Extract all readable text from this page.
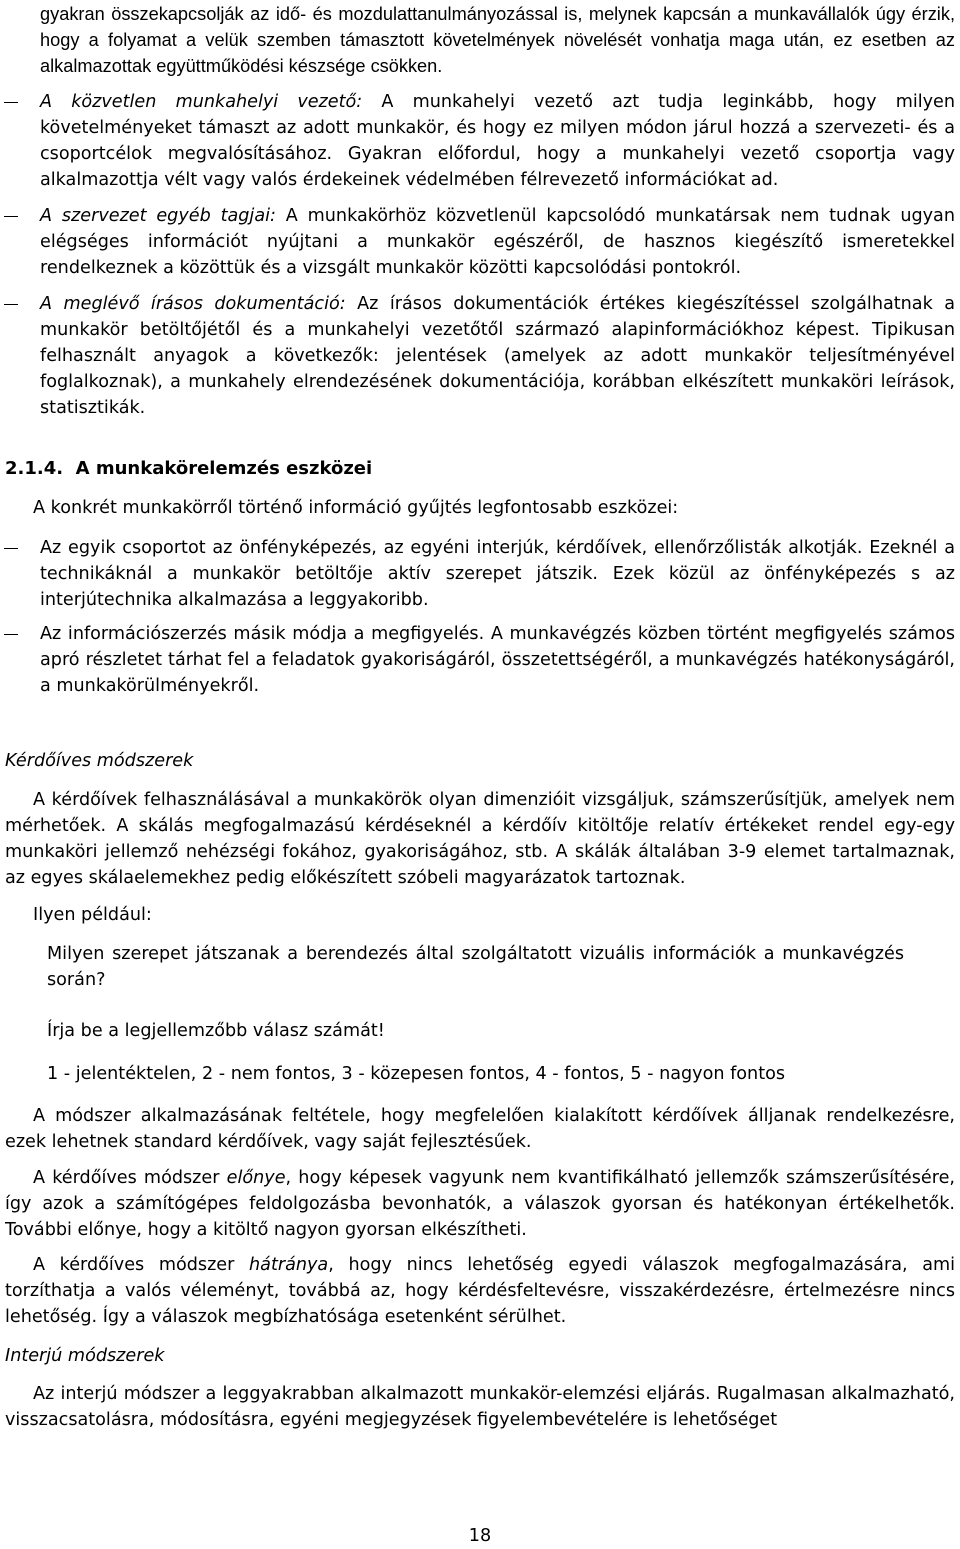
gyakran összekapcsolják az idő- és mozdulattanulmányozással is, melynek kapcsán a munkavállalók úgy érzik, hogy a folyamat a velük szemben támasztott követelmények növelését vonhatja maga után, ez esetben az alkalmazottak együttműködési készsége csökken.

A közvetlen munkahelyi vezető: A munkahelyi vezető azt tudja leginkább, hogy milyen követelményeket támaszt az adott munkakör, és hogy ez milyen módon járul hozzá a szervezeti- és a csoportcélok megvalósításához. Gyakran előfordul, hogy a munkahelyi vezető csoportja vagy alkalmazottja vélt vagy valós érdekeinek védelmében félrevezető információkat ad.

A szervezet egyéb tagjai: A munkakörhöz közvetlenül kapcsolódó munkatársak nem tudnak ugyan elégséges információt nyújtani a munkakör egészéről, de hasznos kiegészítő ismeretekkel rendelkeznek a közöttük és a vizsgált munkakör közötti kapcsolódási pontokról.

A meglévő írásos dokumentáció: Az írásos dokumentációk értékes kiegészítéssel szolgálhatnak a munkakör betöltőjétől és a munkahelyi vezetőtől származó alapinformációkhoz képest. Tipikusan felhasznált anyagok a következők: jelentések (amelyek az adott munkakör teljesítményével foglalkoznak), a munkahely elrendezésének dokumentációja, korábban elkészített munkaköri leírások, statisztikák.

2.1.4. A munkakörelemzés eszközei

A konkrét munkakörről történő információ gyűjtés legfontosabb eszközei:

Az egyik csoportot az önfényképezés, az egyéni interjúk, kérdőívek, ellenőrzőlisták alkotják. Ezeknél a technikáknál a munkakör betöltője aktív szerepet játszik. Ezek közül az önfényképezés s az interjútechnika alkalmazása a leggyakoribb.

Az információszerzés másik módja a megfigyelés. A munkavégzés közben történt megfigyelés számos apró részletet tárhat fel a feladatok gyakoriságáról, összetettségéről, a munkavégzés hatékonyságáról, a munkakörülményekről.

Kérdőíves módszerek

A kérdőívek felhasználásával a munkakörök olyan dimenzióit vizsgáljuk, számszerűsítjük, amelyek nem mérhetőek. A skálás megfogalmazású kérdéseknél a kérdőív kitöltője relatív értékeket rendel egy-egy munkaköri jellemző nehézségi fokához, gyakoriságához, stb. A skálák általában 3-9 elemet tartalmaznak, az egyes skálaelemekhez pedig előkészített szóbeli magyarázatok tartoznak.

Ilyen például:

Milyen szerepet játszanak a berendezés által szolgáltatott vizuális információk a munkavégzés során?

Írja be a legjellemzőbb válasz számát!
1 - jelentéktelen, 2 - nem fontos, 3 - közepesen fontos, 4 - fontos, 5 - nagyon fontos

A módszer alkalmazásának feltétele, hogy megfelelően kialakított kérdőívek álljanak rendelkezésre, ezek lehetnek standard kérdőívek, vagy saját fejlesztésűek.

A kérdőíves módszer előnye, hogy képesek vagyunk nem kvantifikálható jellemzők számszerűsítésére, így azok a számítógépes feldolgozásba bevonhatók, a válaszok gyorsan és hatékonyan értékelhetők. További előnye, hogy a kitöltő nagyon gyorsan elkészítheti.

A kérdőíves módszer hátránya, hogy nincs lehetőség egyedi válaszok megfogalmazására, ami torzíthatja a valós véleményt, továbbá az, hogy kérdésfeltevésre, visszakérdezésre, értelmezésre nincs lehetőség. Így a válaszok megbízhatósága esetenként sérülhet.

Interjú módszerek

Az interjú módszer a leggyakrabban alkalmazott munkakör-elemzési eljárás. Rugalmasan alkalmazható, visszacsatolásra, módosításra, egyéni megjegyzések figyelembevételére is lehetőséget

18
